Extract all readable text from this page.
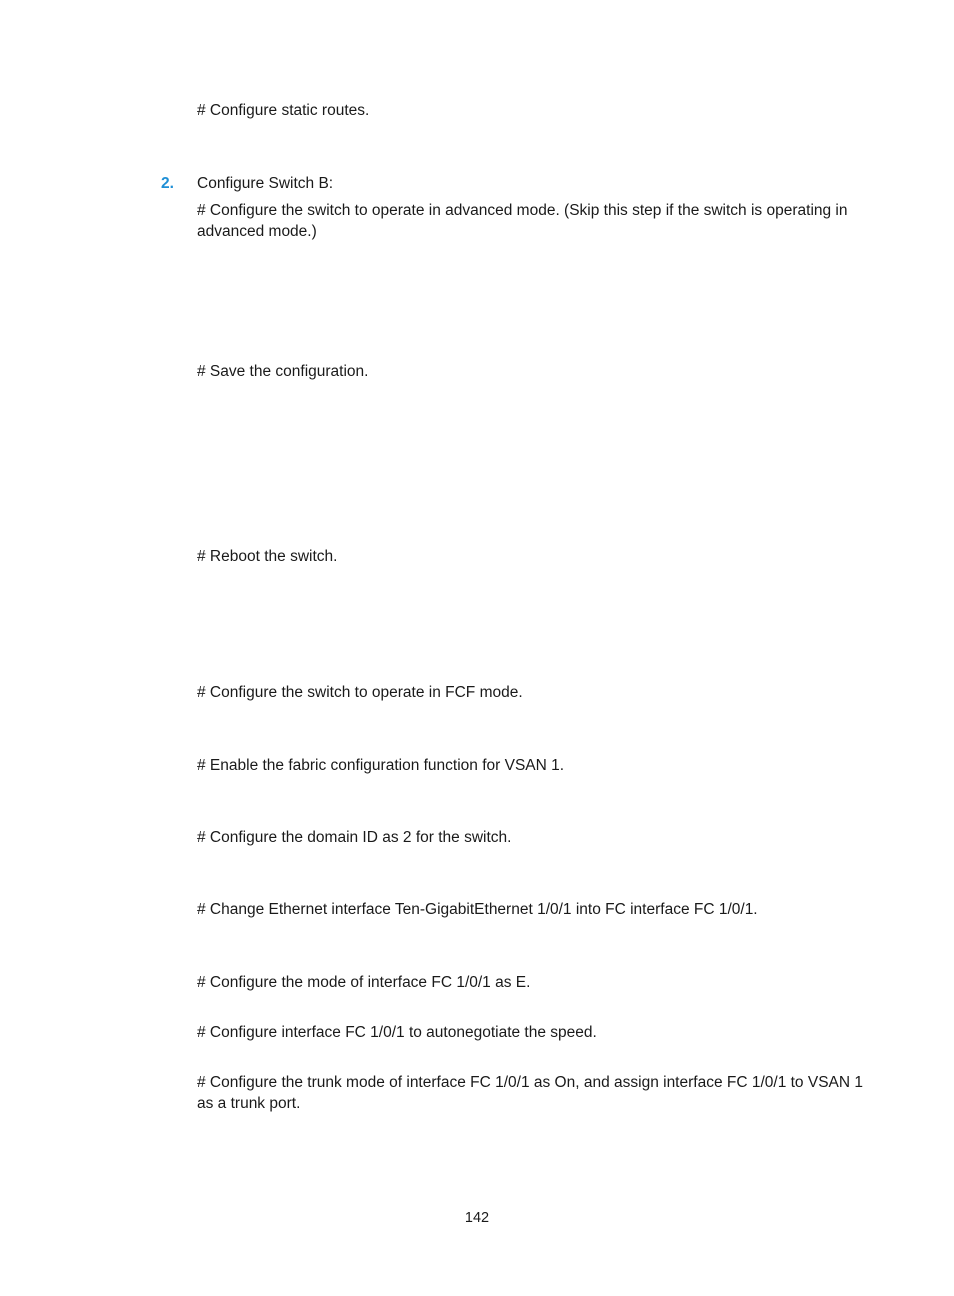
# Configure static routes.
2. Configure Switch B:
# Configure the switch to operate in advanced mode. (Skip this step if the switch is operating in advanced mode.)
# Save the configuration.
# Reboot the switch.
# Configure the switch to operate in FCF mode.
# Enable the fabric configuration function for VSAN 1.
# Configure the domain ID as 2 for the switch.
# Change Ethernet interface Ten-GigabitEthernet 1/0/1 into FC interface FC 1/0/1.
# Configure the mode of interface FC 1/0/1 as E.
# Configure interface FC 1/0/1 to autonegotiate the speed.
# Configure the trunk mode of interface FC 1/0/1 as On, and assign interface FC 1/0/1 to VSAN 1 as a trunk port.
142
